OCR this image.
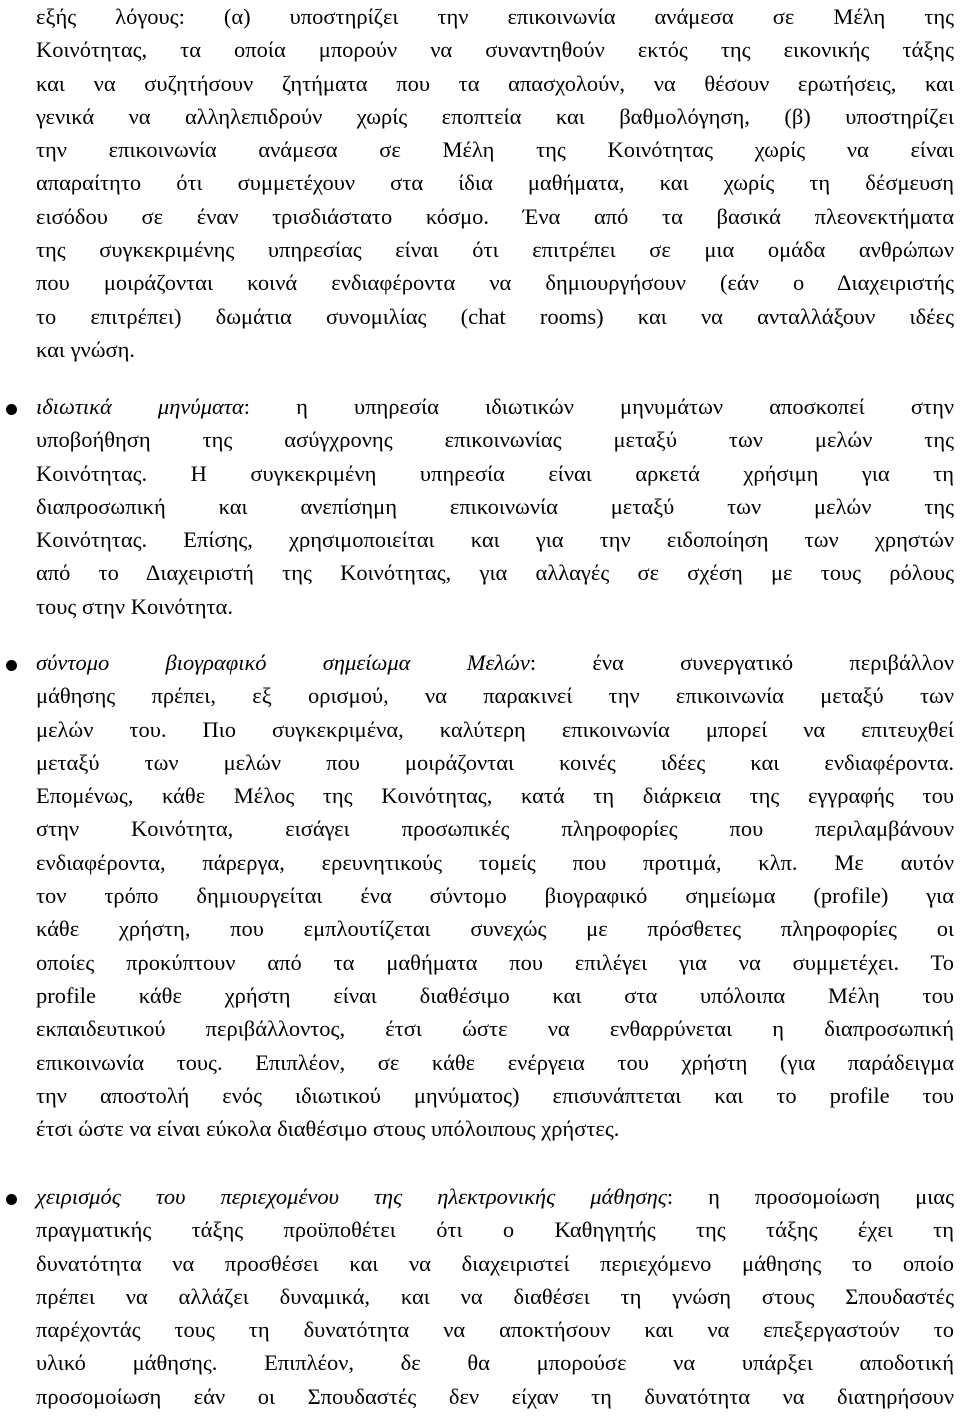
εξής λόγους: (α) υποστηρίζει την επικοινωνία ανάμεσα σε Μέλη της
Κοινότητας, τα οποία μπορούν να συναντηθούν εκτός της εικονικής τάξης
και να συζητήσουν ζητήματα που τα απασχολούν, να θέσουν ερωτήσεις, και
γενικά να αλληλεπιδρούν χωρίς εποπτεία και βαθμολόγηση, (β) υποστηρίζει
την επικοινωνία ανάμεσα σε Μέλη της Κοινότητας χωρίς να είναι
απαραίτητο ότι συμμετέχουν στα ίδια μαθήματα, και χωρίς τη δέσμευση
εισόδου σε έναν τρισδιάστατο κόσμο. Ένα από τα βασικά πλεονεκτήματα
της συγκεκριμένης υπηρεσίας είναι ότι επιτρέπει σε μια ομάδα ανθρώπων
που μοιράζονται κοινά ενδιαφέροντα να δημιουργήσουν (εάν ο Διαχειριστής
το επιτρέπει) δωμάτια συνομιλίας (chat rooms) και να ανταλλάξουν ιδέες
και γνώση.
ιδιωτικά μηνύματα: η υπηρεσία ιδιωτικών μηνυμάτων αποσκοπεί στην
υποβοήθηση της ασύγχρονης επικοινωνίας μεταξύ των μελών της
Κοινότητας. Η συγκεκριμένη υπηρεσία είναι αρκετά χρήσιμη για τη
διαπροσωπική και ανεπίσημη επικοινωνία μεταξύ των μελών της
Κοινότητας. Επίσης, χρησιμοποιείται και για την ειδοποίηση των χρηστών
από το Διαχειριστή της Κοινότητας, για αλλαγές σε σχέση με τους ρόλους
τους στην Κοινότητα.
σύντομο βιογραφικό σημείωμα Μελών: ένα συνεργατικό περιβάλλον
μάθησης πρέπει, εξ ορισμού, να παρακινεί την επικοινωνία μεταξύ των
μελών του. Πιο συγκεκριμένα, καλύτερη επικοινωνία μπορεί να επιτευχθεί
μεταξύ των μελών που μοιράζονται κοινές ιδέες και ενδιαφέροντα.
Επομένως, κάθε Μέλος της Κοινότητας, κατά τη διάρκεια της εγγραφής του
στην Κοινότητα, εισάγει προσωπικές πληροφορίες που περιλαμβάνουν
ενδιαφέροντα, πάρεργα, ερευνητικούς τομείς που προτιμά, κλπ. Με αυτόν
τον τρόπο δημιουργείται ένα σύντομο βιογραφικό σημείωμα (profile) για
κάθε χρήστη, που εμπλουτίζεται συνεχώς με πρόσθετες πληροφορίες οι
οποίες προκύπτουν από τα μαθήματα που επιλέγει για να συμμετέχει. Το
profile κάθε χρήστη είναι διαθέσιμο και στα υπόλοιπα Μέλη του
εκπαιδευτικού περιβάλλοντος, έτσι ώστε να ενθαρρύνεται η διαπροσωπική
επικοινωνία τους. Επιπλέον, σε κάθε ενέργεια του χρήστη (για παράδειγμα
την αποστολή ενός ιδιωτικού μηνύματος) επισυνάπτεται και το profile του
έτσι ώστε να είναι εύκολα διαθέσιμο στους υπόλοιπους χρήστες.
χειρισμός του περιεχομένου της ηλεκτρονικής μάθησης: η προσομοίωση μιας
πραγματικής τάξης προϋποθέτει ότι ο Καθηγητής της τάξης έχει τη
δυνατότητα να προσθέσει και να διαχειριστεί περιεχόμενο μάθησης το οποίο
πρέπει να αλλάζει δυναμικά, και να διαθέσει τη γνώση στους Σπουδαστές
παρέχοντάς τους τη δυνατότητα να αποκτήσουν και να επεξεργαστούν το
υλικό μάθησης. Επιπλέον, δε θα μπορούσε να υπάρξει αποδοτική
προσομοίωση εάν οι Σπουδαστές δεν είχαν τη δυνατότητα να διατηρήσουν
